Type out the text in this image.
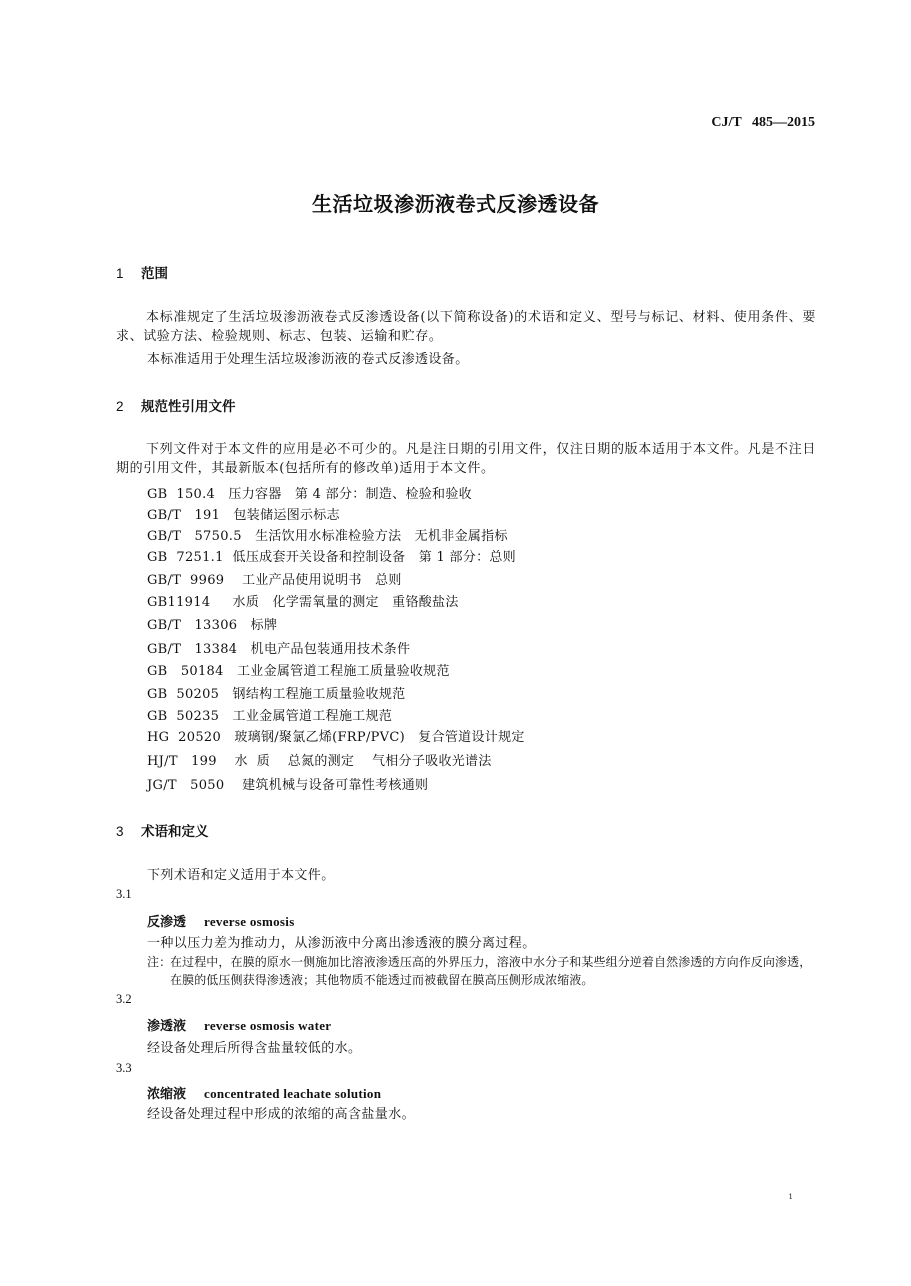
CJ/T   485—2015
生活垃圾渗沥液卷式反渗透设备
1 范围
本标准规定了生活垃圾渗沥液卷式反渗透设备(以下简称设备)的术语和定义、型号与标记、材料、使用条件、要求、试验方法、检验规则、标志、包装、运输和贮存。
本标准适用于处理生活垃圾渗沥液的卷式反渗透设备。
2 规范性引用文件
下列文件对于本文件的应用是必不可少的。凡是注日期的引用文件，仅注日期的版本适用于本文件。凡是不注日期的引用文件，其最新版本(包括所有的修改单)适用于本文件。
GB  150.4   压力容器   第 4 部分：制造、检验和验收
GB/T   191   包装储运图示标志
GB/T   5750.5   生活饮用水标准检验方法   无机非金属指标
GB  7251.1  低压成套开关设备和控制设备   第 1 部分：总则
GB/T  9969    工业产品使用说明书   总则
GB11914     水质   化学需氧量的测定   重铬酸盐法
GB/T   13306   标牌
GB/T   13384   机电产品包装通用技术条件
GB   50184   工业金属管道工程施工质量验收规范
GB  50205   钢结构工程施工质量验收规范
GB  50235   工业金属管道工程施工规范
HG  20520   玻璃钢/聚氯乙烯(FRP/PVC)   复合管道设计规定
HJ/T   199    水  质    总氮的测定    气相分子吸收光谱法
JG/T   5050    建筑机械与设备可靠性考核通则
3 术语和定义
下列术语和定义适用于本文件。
3.1
反渗透 reverse osmosis
一种以压力差为推动力，从渗沥液中分离出渗透液的膜分离过程。
注：
在过程中，在膜的原水一侧施加比溶液渗透压高的外界压力，溶液中水分子和某些组分逆着自然渗透的方向作反向渗透，在膜的低压侧获得渗透液；其他物质不能透过而被截留在膜高压侧形成浓缩液。
3.2
渗透液 reverse osmosis water
经设备处理后所得含盐量较低的水。
3.3
浓缩液 concentrated leachate solution
经设备处理过程中形成的浓缩的高含盐量水。
1
